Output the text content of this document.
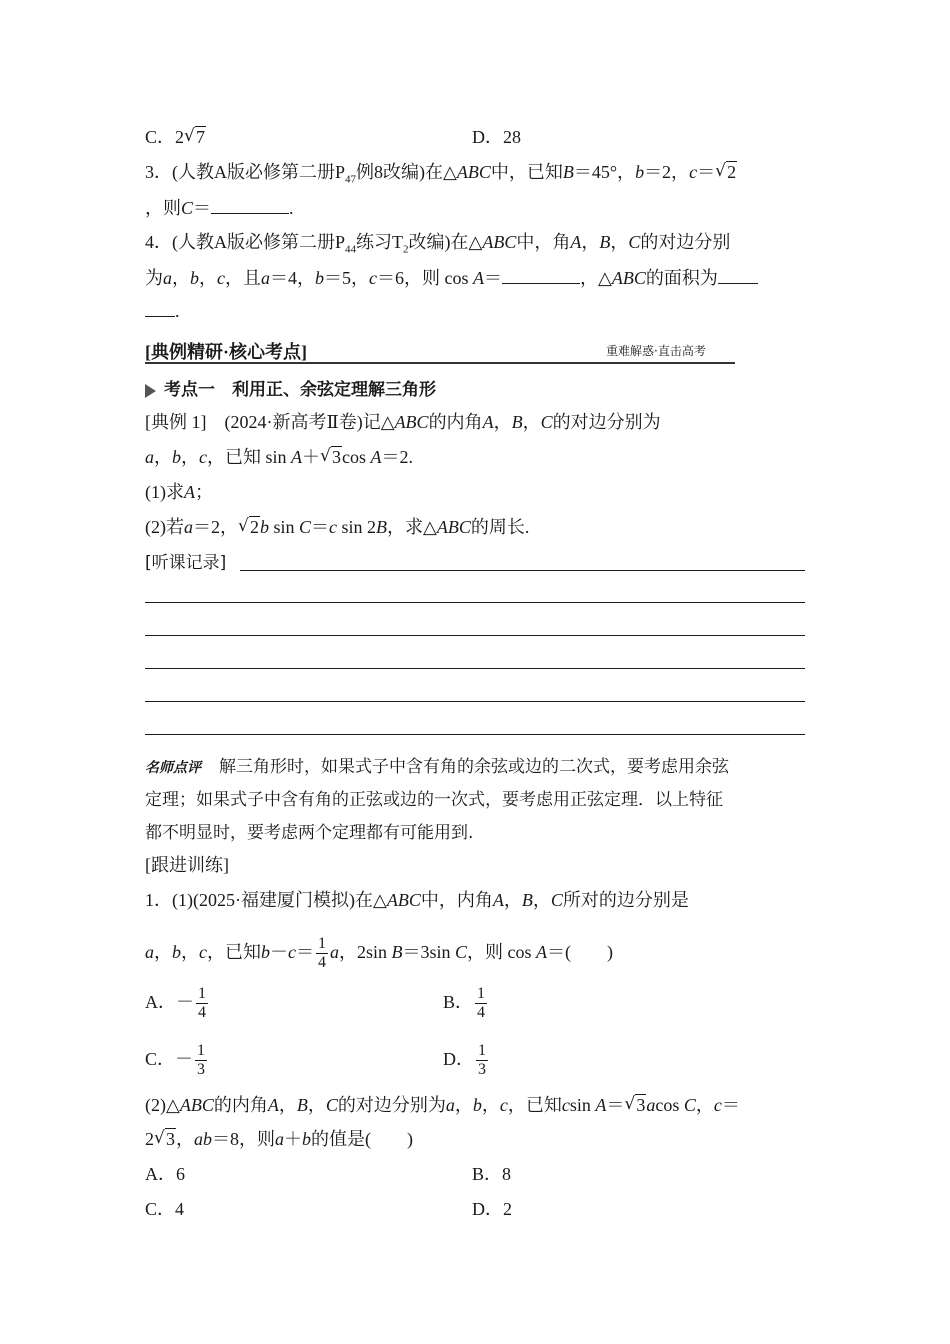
C．2 √ 7	D．28
3．(人教A版必修第二册$P_{47}$例8改编)在△ABC中，已知B＝45°，b＝2，c＝ √ 2
，则C＝	.
4．(人教A版必修第二册$P_{44}$练习$T_2$改编)在△ABC中，角A，B，C的对边分别
为a，b，c，且a＝4，b＝5，c＝6，则 cos A＝	，△ABC的面积为
.
[典例精研·核心考点]	重难解惑·直击高考
考点一　利用正、余弦定理解三角形
[典例 1]　(2024·新高考Ⅱ卷)记△ABC的内角A，B，C的对边分别为
a，b，c，已知 sin A＋ √ 3cos A＝2.
(1)求A；
(2)若a＝2， √ 2b sin C＝c sin 2B，求△ABC的周长.
[听课记录]
名师点评 解三角形时，如果式子中含有角的余弦或边的二次式，要考虑用余弦
定理；如果式子中含有角的正弦或边的一次式，要考虑用正弦定理．以上特征
都不明显时，要考虑两个定理都有可能用到.
[跟进训练]
1．(1)(2025·福建厦门模拟)在△ABC中，内角A，B，C所对的边分别是
a，b，c，已知$b-c= \frac{1}{4}$ a，2sin B＝3sin C，则 cos A＝(　　)
A．－ $\frac{1}{4}$	B． $\frac{1}{4}$
C．－ $\frac{1}{3}$	D． $\frac{1}{3}$
(2)△ABC的内角A，B，C的对边分别为a，b，c，已知csin A＝ √ 3acos C，c＝
2 √ 3，ab＝8，则a＋b的值是(　　)
A．6	B．8
C．4	D．2
